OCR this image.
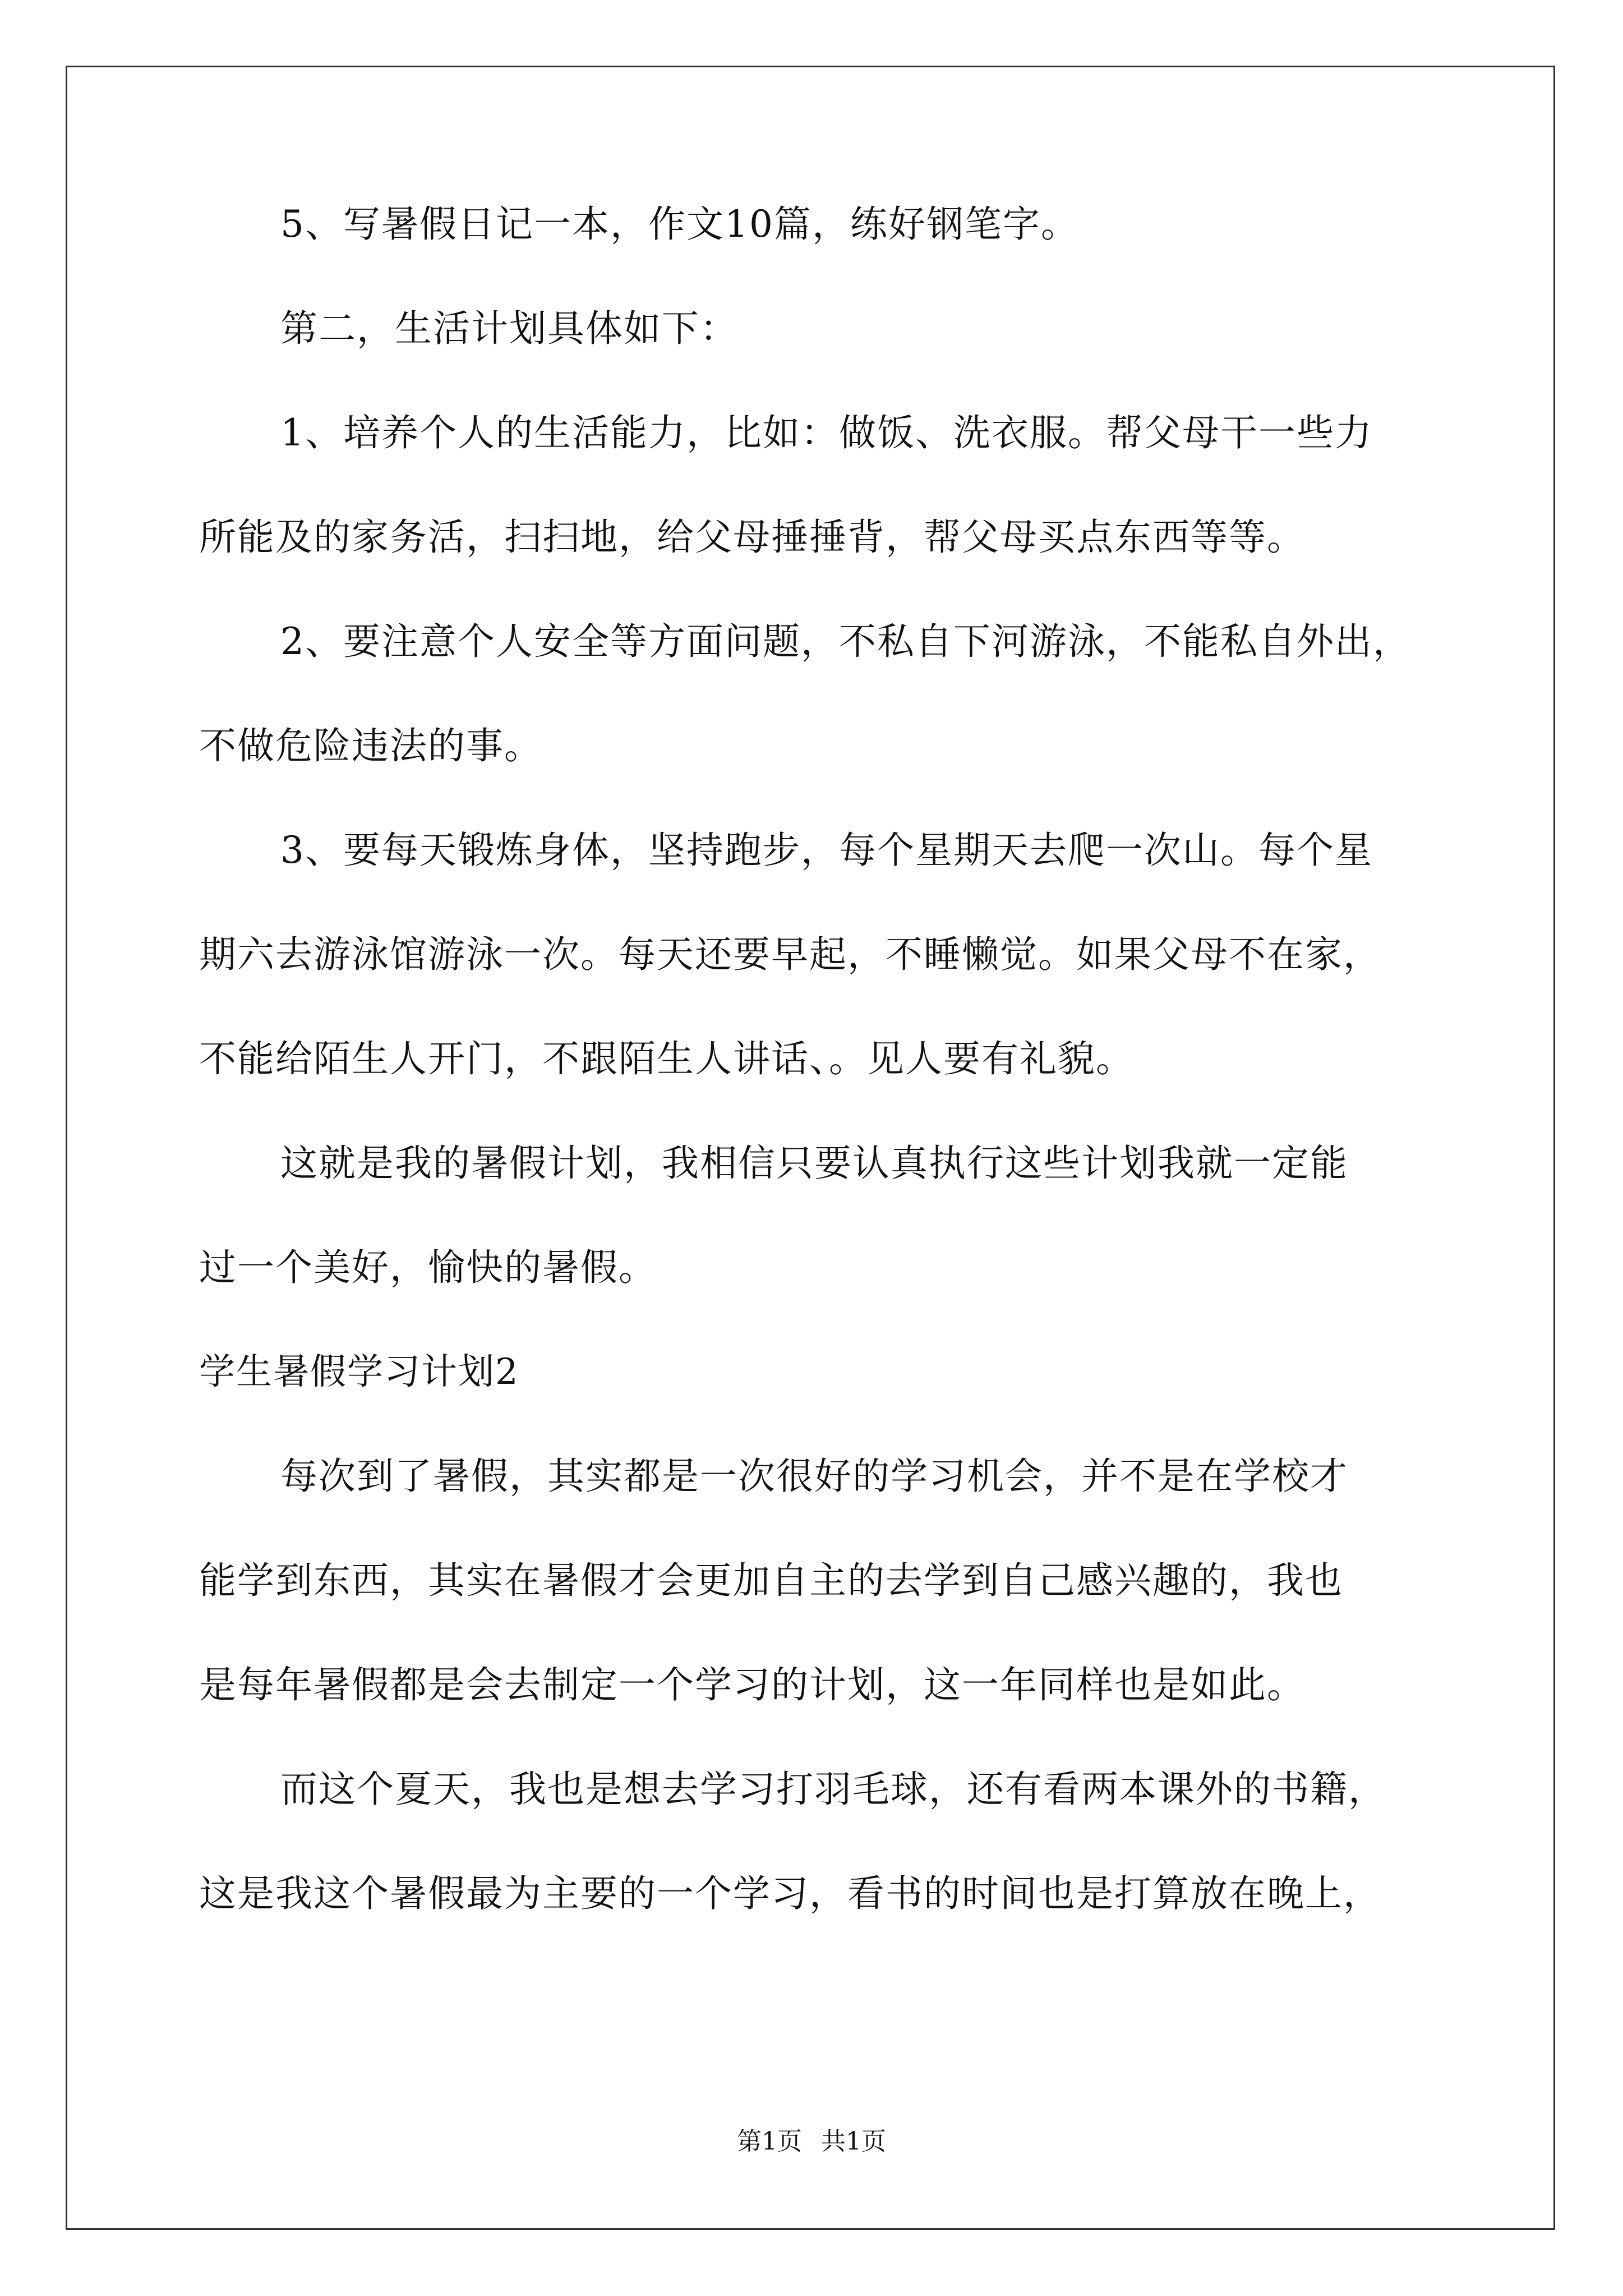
5、写暑假日记一本，作文10篇，练好钢笔字。
第二，生活计划具体如下：
1、培养个人的生活能力，比如：做饭、洗衣服。帮父母干一些力
所能及的家务活，扫扫地，给父母捶捶背，帮父母买点东西等等。
2、要注意个人安全等方面问题，不私自下河游泳，不能私自外出，
不做危险违法的事。
3、要每天锻炼身体，坚持跑步，每个星期天去爬一次山。每个星
期六去游泳馆游泳一次。每天还要早起，不睡懒觉。如果父母不在家，
不能给陌生人开门，不跟陌生人讲话、。见人要有礼貌。
这就是我的暑假计划，我相信只要认真执行这些计划我就一定能
过一个美好，愉快的暑假。
学生暑假学习计划2
每次到了暑假，其实都是一次很好的学习机会，并不是在学校才
能学到东西，其实在暑假才会更加自主的去学到自己感兴趣的，我也
是每年暑假都是会去制定一个学习的计划，这一年同样也是如此。
而这个夏天，我也是想去学习打羽毛球，还有看两本课外的书籍，
这是我这个暑假最为主要的一个学习，看书的时间也是打算放在晚上，
第1页 共1页
